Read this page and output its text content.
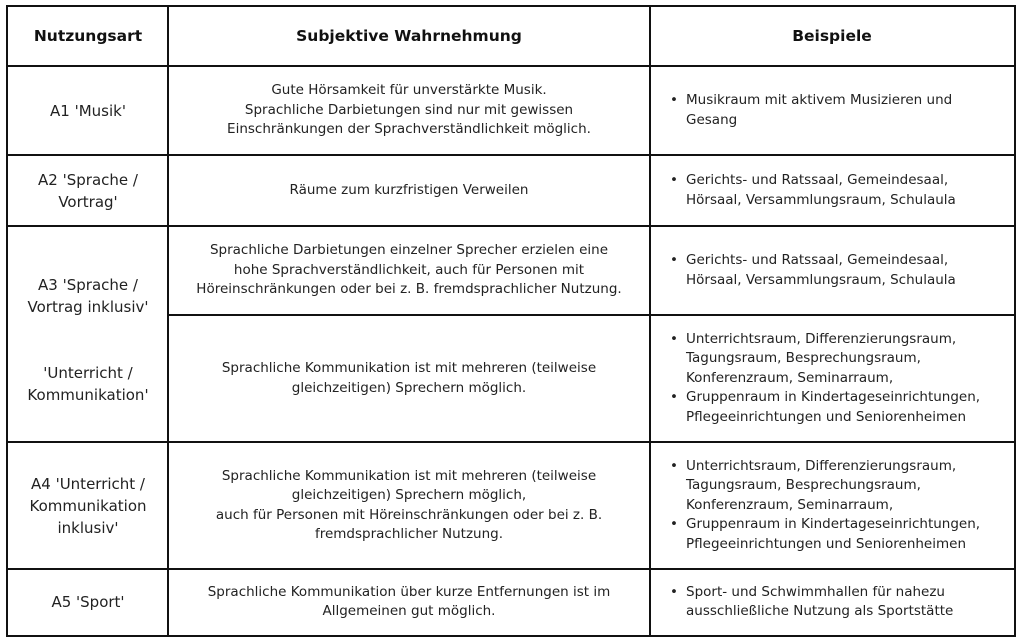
Nutzungsart	Subjektive Wahrnehmung	Beispiele
A1 'Musik'
Gute Hörsamkeit für unverstärkte Musik.
Sprachliche Darbietungen sind nur mit gewissen
Einschränkungen der Sprachverständlichkeit möglich.
• Musikraum mit aktivem Musizieren und
Gesang
A2 'Sprache /
Vortrag'
Räume zum kurzfristigen Verweilen
• Gerichts- und Ratssaal, Gemeindesaal,
Hörsaal, Versammlungsraum, Schulaula
A3 'Sprache /
Vortrag inklusiv'
Sprachliche Darbietungen einzelner Sprecher erzielen eine
hohe Sprachverständlichkeit, auch für Personen mit
Höreinschränkungen oder bei z. B. fremdsprachlicher Nutzung.
• Gerichts- und Ratssaal, Gemeindesaal,
Hörsaal, Versammlungsraum, Schulaula
'Unterricht /
Kommunikation'
Sprachliche Kommunikation ist mit mehreren (teilweise
gleichzeitigen) Sprechern möglich.
• Unterrichtsraum, Differenzierungsraum,
Tagungsraum, Besprechungsraum,
Konferenzraum, Seminarraum,
• Gruppenraum in Kindertageseinrichtungen,
Pflegeeinrichtungen und Seniorenheimen
A4 'Unterricht /
Kommunikation
inklusiv'
Sprachliche Kommunikation ist mit mehreren (teilweise
gleichzeitigen) Sprechern möglich,
auch für Personen mit Höreinschränkungen oder bei z. B.
fremdsprachlicher Nutzung.
• Unterrichtsraum, Differenzierungsraum,
Tagungsraum, Besprechungsraum,
Konferenzraum, Seminarraum,
• Gruppenraum in Kindertageseinrichtungen,
Pflegeeinrichtungen und Seniorenheimen
A5 'Sport'
Sprachliche Kommunikation über kurze Entfernungen ist im
Allgemeinen gut möglich.
• Sport- und Schwimmhallen für nahezu
ausschließliche Nutzung als Sportstätte
